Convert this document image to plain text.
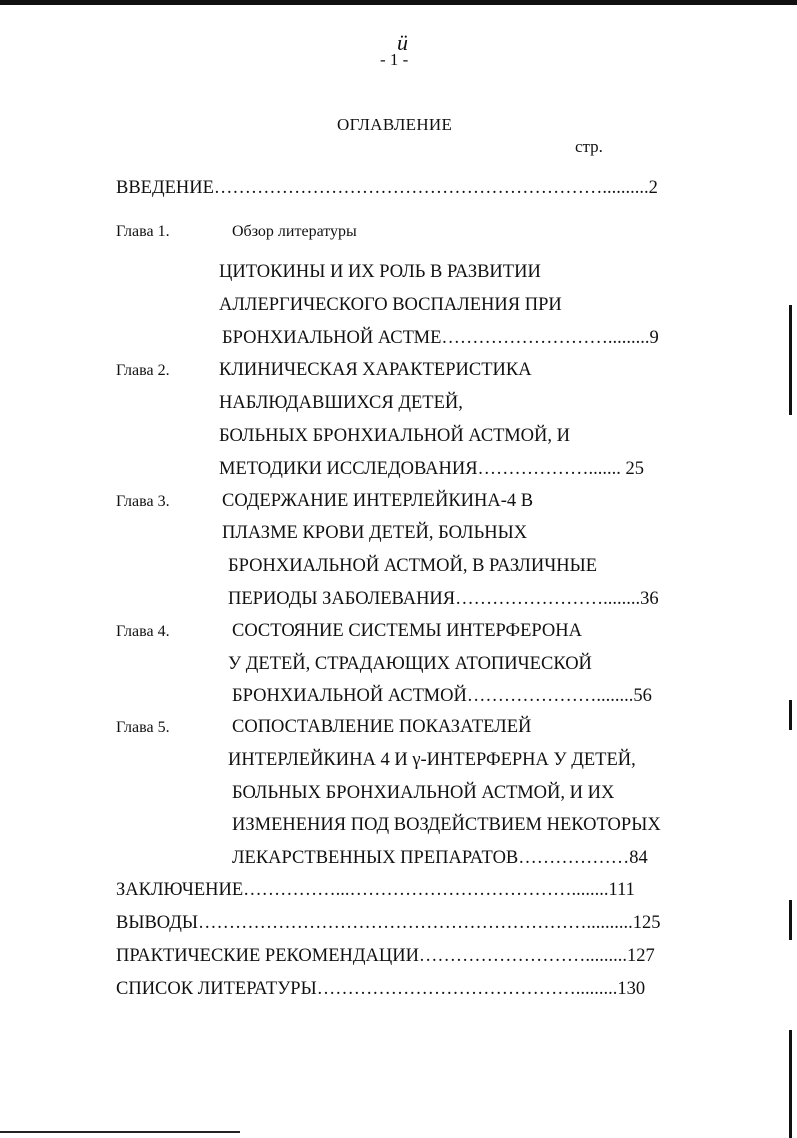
- 1 -
ü
ОГЛАВЛЕНИЕ
стр.
ВВЕДЕНИЕ………………………………………………………..........2
Глава 1.	Обзор литературы
ЦИТОКИНЫ И ИХ РОЛЬ В РАЗВИТИИ
АЛЛЕРГИЧЕСКОГО ВОСПАЛЕНИЯ ПРИ
БРОНХИАЛЬНОЙ АСТМЕ……………………….........9
Глава 2.	КЛИНИЧЕСКАЯ ХАРАКТЕРИСТИКА
НАБЛЮДАВШИХСЯ ДЕТЕЙ,
БОЛЬНЫХ БРОНХИАЛЬНОЙ АСТМОЙ, И
МЕТОДИКИ ИССЛЕДОВАНИЯ………………....... 25
Глава 3.	СОДЕРЖАНИЕ ИНТЕРЛЕЙКИНА-4 В
ПЛАЗМЕ КРОВИ ДЕТЕЙ, БОЛЬНЫХ
БРОНХИАЛЬНОЙ АСТМОЙ, В РАЗЛИЧНЫЕ
ПЕРИОДЫ ЗАБОЛЕВАНИЯ……………………........36
Глава 4.	СОСТОЯНИЕ СИСТЕМЫ ИНТЕРФЕРОНА
У ДЕТЕЙ, СТРАДАЮЩИХ АТОПИЧЕСКОЙ
БРОНХИАЛЬНОЙ АСТМОЙ…………………........56
Глава 5.	СОПОСТАВЛЕНИЕ ПОКАЗАТЕЛЕЙ
ИНТЕРЛЕЙКИНА 4 И γ-ИНТЕРФЕРНА У ДЕТЕЙ,
БОЛЬНЫХ БРОНХИАЛЬНОЙ АСТМОЙ, И ИХ
ИЗМЕНЕНИЯ ПОД ВОЗДЕЙСТВИЕМ НЕКОТОРЫХ
ЛЕКАРСТВЕННЫХ ПРЕПАРАТОВ………………84
ЗАКЛЮЧЕНИЕ……………...………………………………........111
ВЫВОДЫ………………………………………………………..........125
ПРАКТИЧЕСКИЕ РЕКОМЕНДАЦИИ……………………….........127
СПИСОК ЛИТЕРАТУРЫ…………………………………….........130
